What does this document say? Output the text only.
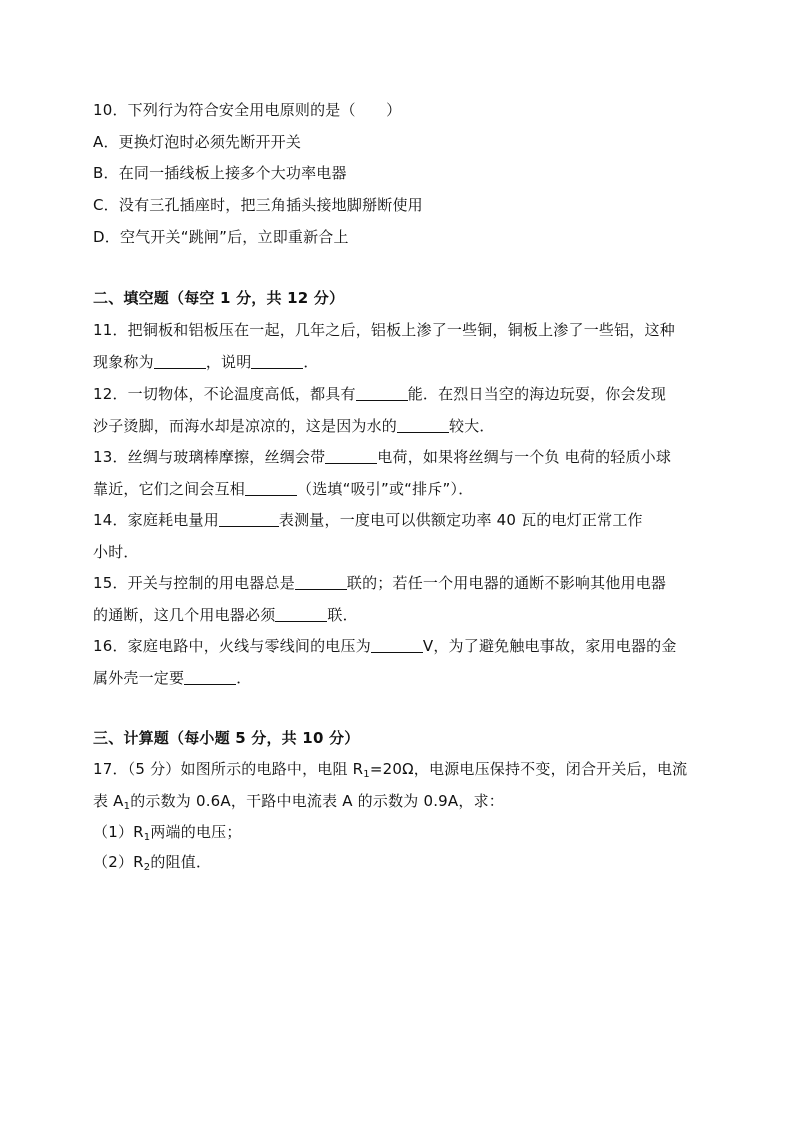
10．下列行为符合安全用电原则的是（　　）
A．更换灯泡时必须先断开开关
B．在同一插线板上接多个大功率电器
C．没有三孔插座时，把三角插头接地脚掰断使用
D．空气开关“跳闸”后，立即重新合上
二、填空题（每空 1 分，共 12 分）
11．把铜板和铝板压在一起，几年之后，铝板上渗了一些铜，铜板上渗了一些铝，这种
现象称为	，说明	．
12．一切物体，不论温度高低，都具有	能．在烈日当空的海边玩耍，你会发现
沙子烫脚，而海水却是凉凉的，这是因为水的	较大．
13．丝绸与玻璃棒摩擦，丝绸会带	电荷，如果将丝绸与一个负 电荷的轻质小球
靠近，它们之间会互相	（选填“吸引”或“排斥”）．
14．家庭耗电量用	表测量，一度电可以供额定功率 40 瓦的电灯正常工作
小时．
15．开关与控制的用电器总是	联的；若任一个用电器的通断不影响其他用电器
的通断，这几个用电器必须	联．
16．家庭电路中，火线与零线间的电压为	V，为了避免触电事故，家用电器的金
属外壳一定要	．
三、计算题（每小题 5 分，共 10 分）
17．（5 分）如图所示的电路中，电阻 $R_1=20\Omega$，电源电压保持不变，闭合开关后，电流
表 $A_1$的示数为 0.6A，干路中电流表 A 的示数为 0.9A，求：
$(1)R_1$两端的电压；
$(2)R_2$的阻值．
